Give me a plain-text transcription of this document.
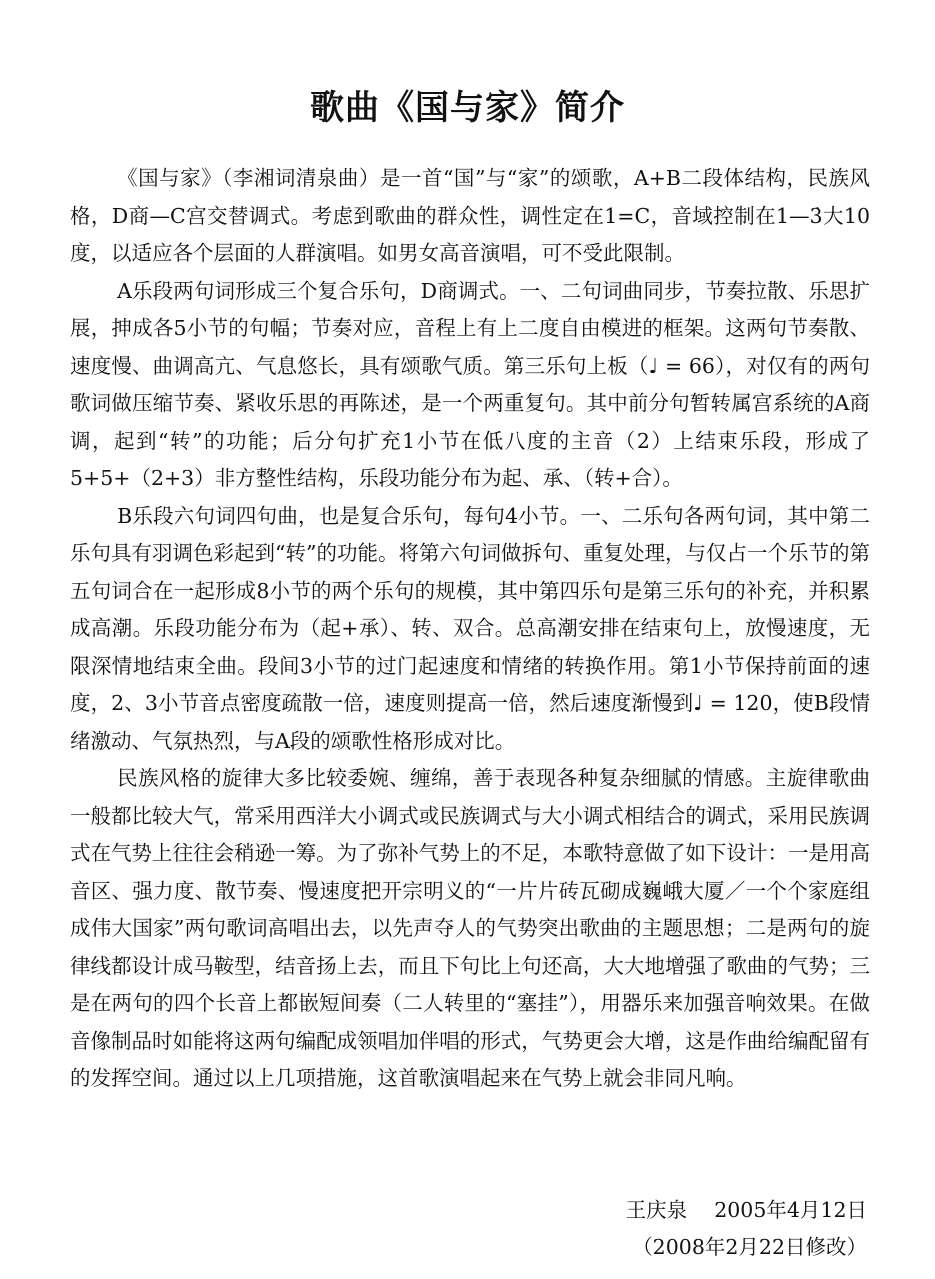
歌曲《国与家》简介

《国与家》（李湘词清泉曲）是一首“国”与“家”的颂歌，A+B二段体结构，民族风格，D商—C宫交替调式。考虑到歌曲的群众性，调性定在1=C，音域控制在1—3̇大10度，以适应各个层面的人群演唱。如男女高音演唱，可不受此限制。

A乐段两句词形成三个复合乐句，D商调式。一、二句词曲同步，节奏拉散、乐思扩展，抻成各5小节的句幅；节奏对应，音程上有上二度自由模进的框架。这两句节奏散、速度慢、曲调高亢、气息悠长，具有颂歌气质。第三乐句上板（♩ = 66），对仅有的两句歌词做压缩节奏、紧收乐思的再陈述，是一个两重复句。其中前分句暂转属宫系统的A商调，起到“转”的功能；后分句扩充1小节在低八度的主音（2）上结束乐段，形成了5+5+（2+3）非方整性结构，乐段功能分布为起、承、（转+合）。

B乐段六句词四句曲，也是复合乐句，每句4小节。一、二乐句各两句词，其中第二乐句具有羽调色彩起到“转”的功能。将第六句词做拆句、重复处理，与仅占一个乐节的第五句词合在一起形成8小节的两个乐句的规模，其中第四乐句是第三乐句的补充，并积累成高潮。乐段功能分布为（起+承）、转、双合。总高潮安排在结束句上，放慢速度，无限深情地结束全曲。段间3小节的过门起速度和情绪的转换作用。第1小节保持前面的速度，2、3小节音点密度疏散一倍，速度则提高一倍，然后速度渐慢到♩ = 120，使B段情绪激动、气氛热烈，与A段的颂歌性格形成对比。

民族风格的旋律大多比较委婉、缠绵，善于表现各种复杂细腻的情感。主旋律歌曲一般都比较大气，常采用西洋大小调式或民族调式与大小调式相结合的调式，采用民族调式在气势上往往会稍逊一筹。为了弥补气势上的不足，本歌特意做了如下设计：一是用高音区、强力度、散节奏、慢速度把开宗明义的“一片片砖瓦砌成巍峨大厦／一个个家庭组成伟大国家”两句歌词高唱出去，以先声夺人的气势突出歌曲的主题思想；二是两句的旋律线都设计成马鞍型，结音扬上去，而且下句比上句还高，大大地增强了歌曲的气势；三是在两句的四个长音上都嵌短间奏（二人转里的“塞挂”），用器乐来加强音响效果。在做音像制品时如能将这两句编配成领唱加伴唱的形式，气势更会大增，这是作曲给编配留有的发挥空间。通过以上几项措施，这首歌演唱起来在气势上就会非同凡响。

王庆泉　 2005年4月12日
（2008年2月22日修改）
